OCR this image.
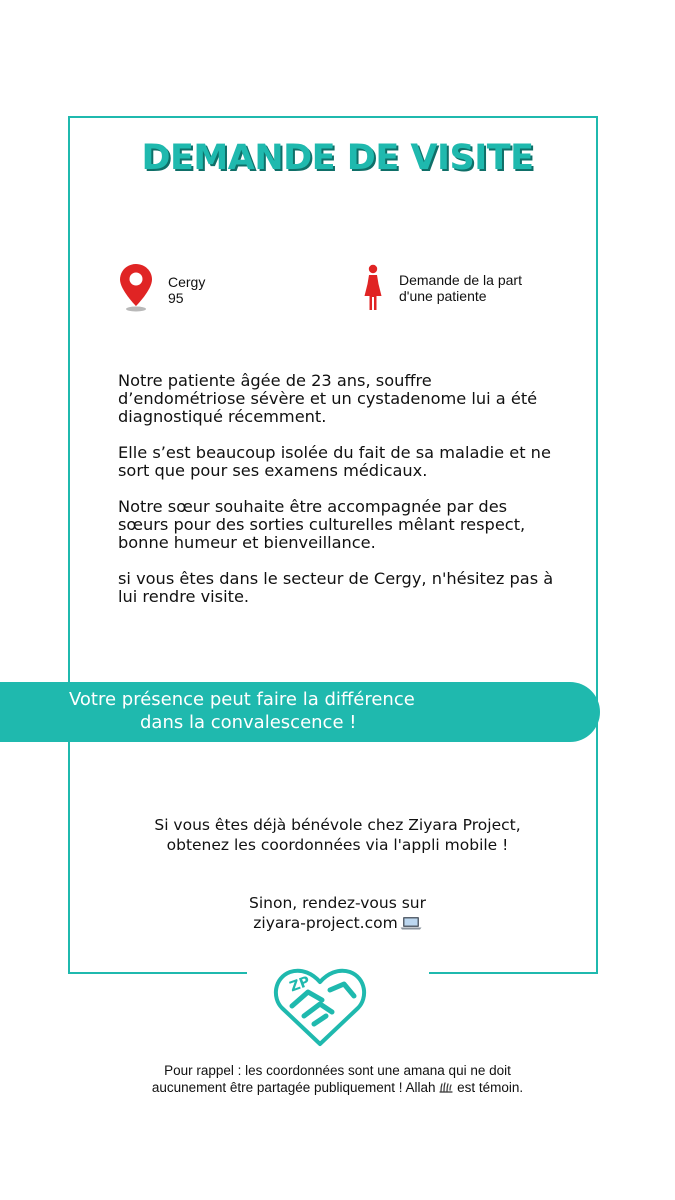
DEMANDE DE VISITE
Cergy
95
Demande de la part
d'une patiente

Notre patiente âgée de 23 ans, souffre d’endométriose sévère et un cystadenome lui a été diagnostiqué récemment.

Elle s’est beaucoup isolée du fait de sa maladie et ne sort que pour ses examens médicaux.

Notre sœur souhaite être accompagnée par des sœurs pour des sorties culturelles mêlant respect, bonne humeur et bienveillance.

si vous êtes dans le secteur de Cergy, n'hésitez pas à lui rendre visite.

Votre présence peut faire la différence
dans la convalescence !
Si vous êtes déjà bénévole chez Ziyara Project,
obtenez les coordonnées via l'appli mobile !
Sinon, rendez-vous sur
ziyara-project.com
ZP
Pour rappel : les coordonnées sont une amana qui ne doit
aucunement être partagée publiquement ! Allah est témoin.
